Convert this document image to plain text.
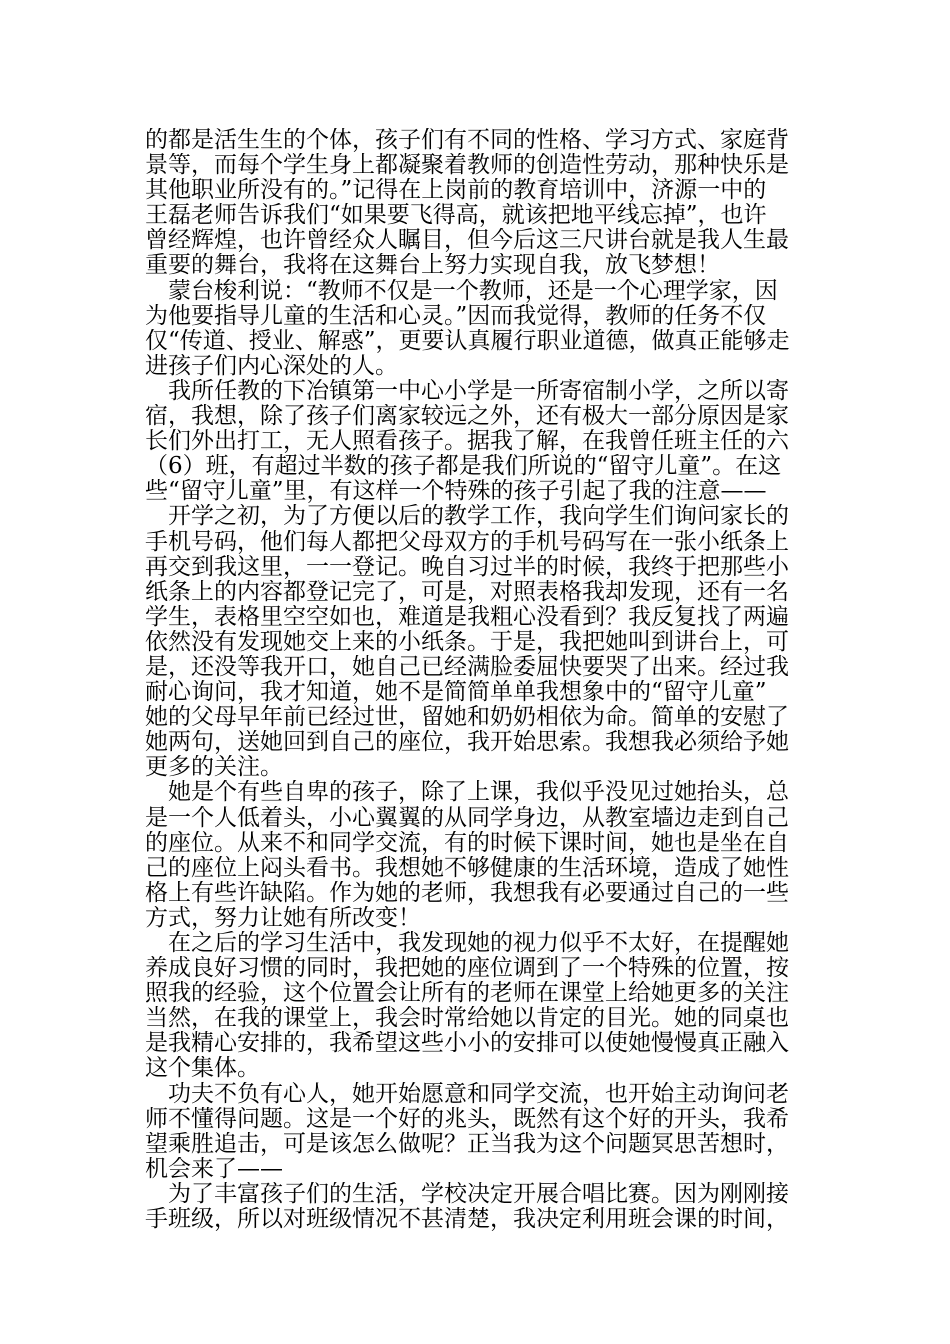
的都是活生生的个体，孩子们有不同的性格、学习方式、家庭背
景等，而每个学生身上都凝聚着教师的创造性劳动，那种快乐是
其他职业所没有的。”记得在上岗前的教育培训中，济源一中的
王磊老师告诉我们“如果要飞得高，就该把地平线忘掉”，也许
曾经辉煌，也许曾经众人瞩目，但今后这三尺讲台就是我人生最
重要的舞台，我将在这舞台上努力实现自我，放飞梦想！
蒙台梭利说：“教师不仅是一个教师，还是一个心理学家，因
为他要指导儿童的生活和心灵。”因而我觉得，教师的任务不仅
仅“传道、授业、解惑”，更要认真履行职业道德，做真正能够走
进孩子们内心深处的人。
我所任教的下冶镇第一中心小学是一所寄宿制小学，之所以寄
宿，我想，除了孩子们离家较远之外，还有极大一部分原因是家
长们外出打工，无人照看孩子。据我了解，在我曾任班主任的六
（6）班，有超过半数的孩子都是我们所说的“留守儿童”。在这
些“留守儿童”里，有这样一个特殊的孩子引起了我的注意——
开学之初，为了方便以后的教学工作，我向学生们询问家长的
手机号码，他们每人都把父母双方的手机号码写在一张小纸条上
再交到我这里，一一登记。晚自习过半的时候，我终于把那些小
纸条上的内容都登记完了，可是，对照表格我却发现，还有一名
学生，表格里空空如也，难道是我粗心没看到？我反复找了两遍
依然没有发现她交上来的小纸条。于是，我把她叫到讲台上，可
是，还没等我开口，她自己已经满脸委屈快要哭了出来。经过我
耐心询问，我才知道，她不是简简单单我想象中的“留守儿童”
她的父母早年前已经过世，留她和奶奶相依为命。简单的安慰了
她两句，送她回到自己的座位，我开始思索。我想我必须给予她
更多的关注。
她是个有些自卑的孩子，除了上课，我似乎没见过她抬头，总
是一个人低着头，小心翼翼的从同学身边，从教室墙边走到自己
的座位。从来不和同学交流，有的时候下课时间，她也是坐在自
己的座位上闷头看书。我想她不够健康的生活环境，造成了她性
格上有些许缺陷。作为她的老师，我想我有必要通过自己的一些
方式，努力让她有所改变！
在之后的学习生活中，我发现她的视力似乎不太好，在提醒她
养成良好习惯的同时，我把她的座位调到了一个特殊的位置，按
照我的经验，这个位置会让所有的老师在课堂上给她更多的关注
当然，在我的课堂上，我会时常给她以肯定的目光。她的同桌也
是我精心安排的，我希望这些小小的安排可以使她慢慢真正融入
这个集体。
功夫不负有心人，她开始愿意和同学交流，也开始主动询问老
师不懂得问题。这是一个好的兆头，既然有这个好的开头，我希
望乘胜追击，可是该怎么做呢？正当我为这个问题冥思苦想时，
机会来了——
为了丰富孩子们的生活，学校决定开展合唱比赛。因为刚刚接
手班级，所以对班级情况不甚清楚，我决定利用班会课的时间，
